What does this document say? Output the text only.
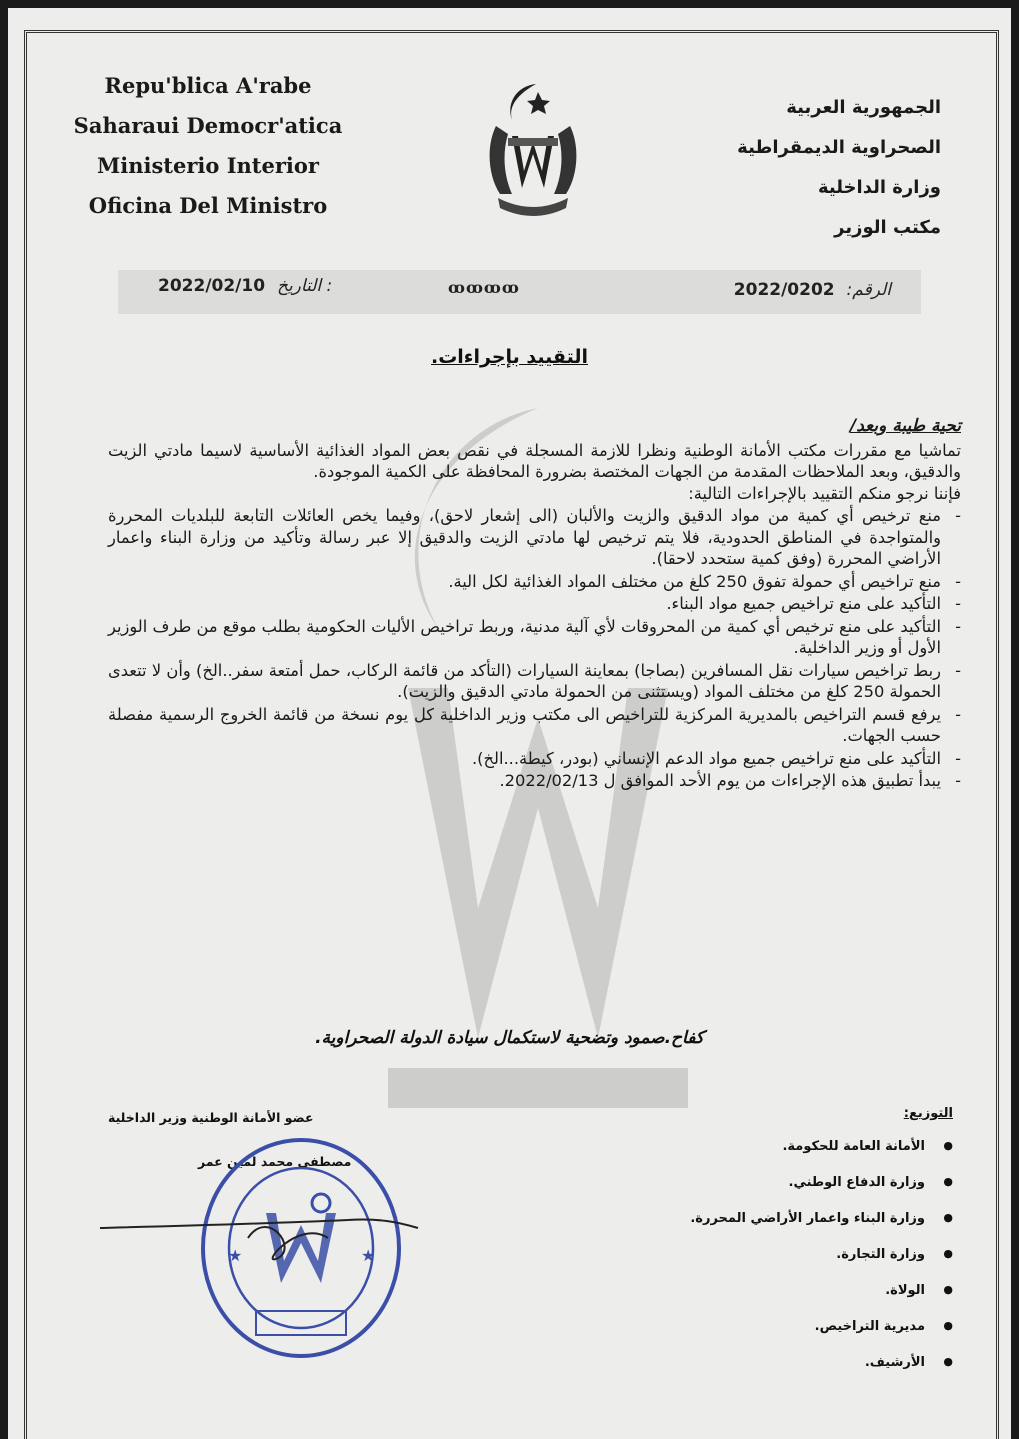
Repu'blica A'rabe
Saharaui Democr'atica
Ministerio Interior
Oficina Del Ministro
الجمهورية العربية
الصحراوية الديمقراطية
وزارة الداخلية
مكتب الوزير
2022/02/10 التاريخ :	الرقم: 2022/0202
ꝏꝏꝏꝏ
التقييد بإجراءات.
تحية طيبة وبعد/
تماشيا مع مقررات مكتب الأمانة الوطنية ونظرا للازمة المسجلة في نقص بعض المواد الغذائية الأساسية لاسيما مادتي الزيت والدقيق، وبعد الملاحظات المقدمة من الجهات المختصة بضرورة المحافظة على الكمية الموجودة.
فإننا نرجو منكم التقييد بالإجراءات التالية:
- منع ترخيص أي كمية من مواد الدقيق والزيت والألبان (الى إشعار لاحق)، وفيما يخص العائلات التابعة للبلديات المحررة والمتواجدة في المناطق الحدودية، فلا يتم ترخيص لها مادتي الزيت والدقيق إلا عبر رسالة وتأكيد من وزارة البناء واعمار الأراضي المحررة (وفق كمية ستحدد لاحقا).
- منع تراخيص أي حمولة تفوق 250 كلغ من مختلف المواد الغذائية لكل الية.
- التأكيد على منع تراخيص جميع مواد البناء.
- التأكيد على منع ترخيص أي كمية من المحروقات لأي آلية مدنية، وربط تراخيص الأليات الحكومية بطلب موقع من طرف الوزير الأول أو وزير الداخلية.
- ربط تراخيص سيارات نقل المسافرين (بصاجا) بمعاينة السيارات (التأكد من قائمة الركاب، حمل أمتعة سفر..الخ) وأن لا تتعدى الحمولة 250 كلغ من مختلف المواد (ويستثنى من الحمولة مادتي الدقيق والزيت).
- يرفع قسم التراخيص بالمديرية المركزية للتراخيص الى مكتب وزير الداخلية كل يوم نسخة من قائمة الخروج الرسمية مفصلة حسب الجهات.
- التأكيد على منع تراخيص جميع مواد الدعم الإنساني (بودر، كيطة...الخ).
- يبدأ تطبيق هذه الإجراءات من يوم الأحد الموافق ل 2022/02/13.
كفاح.صمود وتضحية لاستكمال سيادة الدولة الصحراوية.
عضو الأمانة الوطنية وزير الداخلية
مصطفى محمد لمين عمر
★	★
التوزيع:
● الأمانة العامة للحكومة.
● وزارة الدفاع الوطني.
● وزارة البناء واعمار الأراضي المحررة.
● وزارة التجارة.
● الولاة.
● مديرية التراخيص.
● الأرشيف.
